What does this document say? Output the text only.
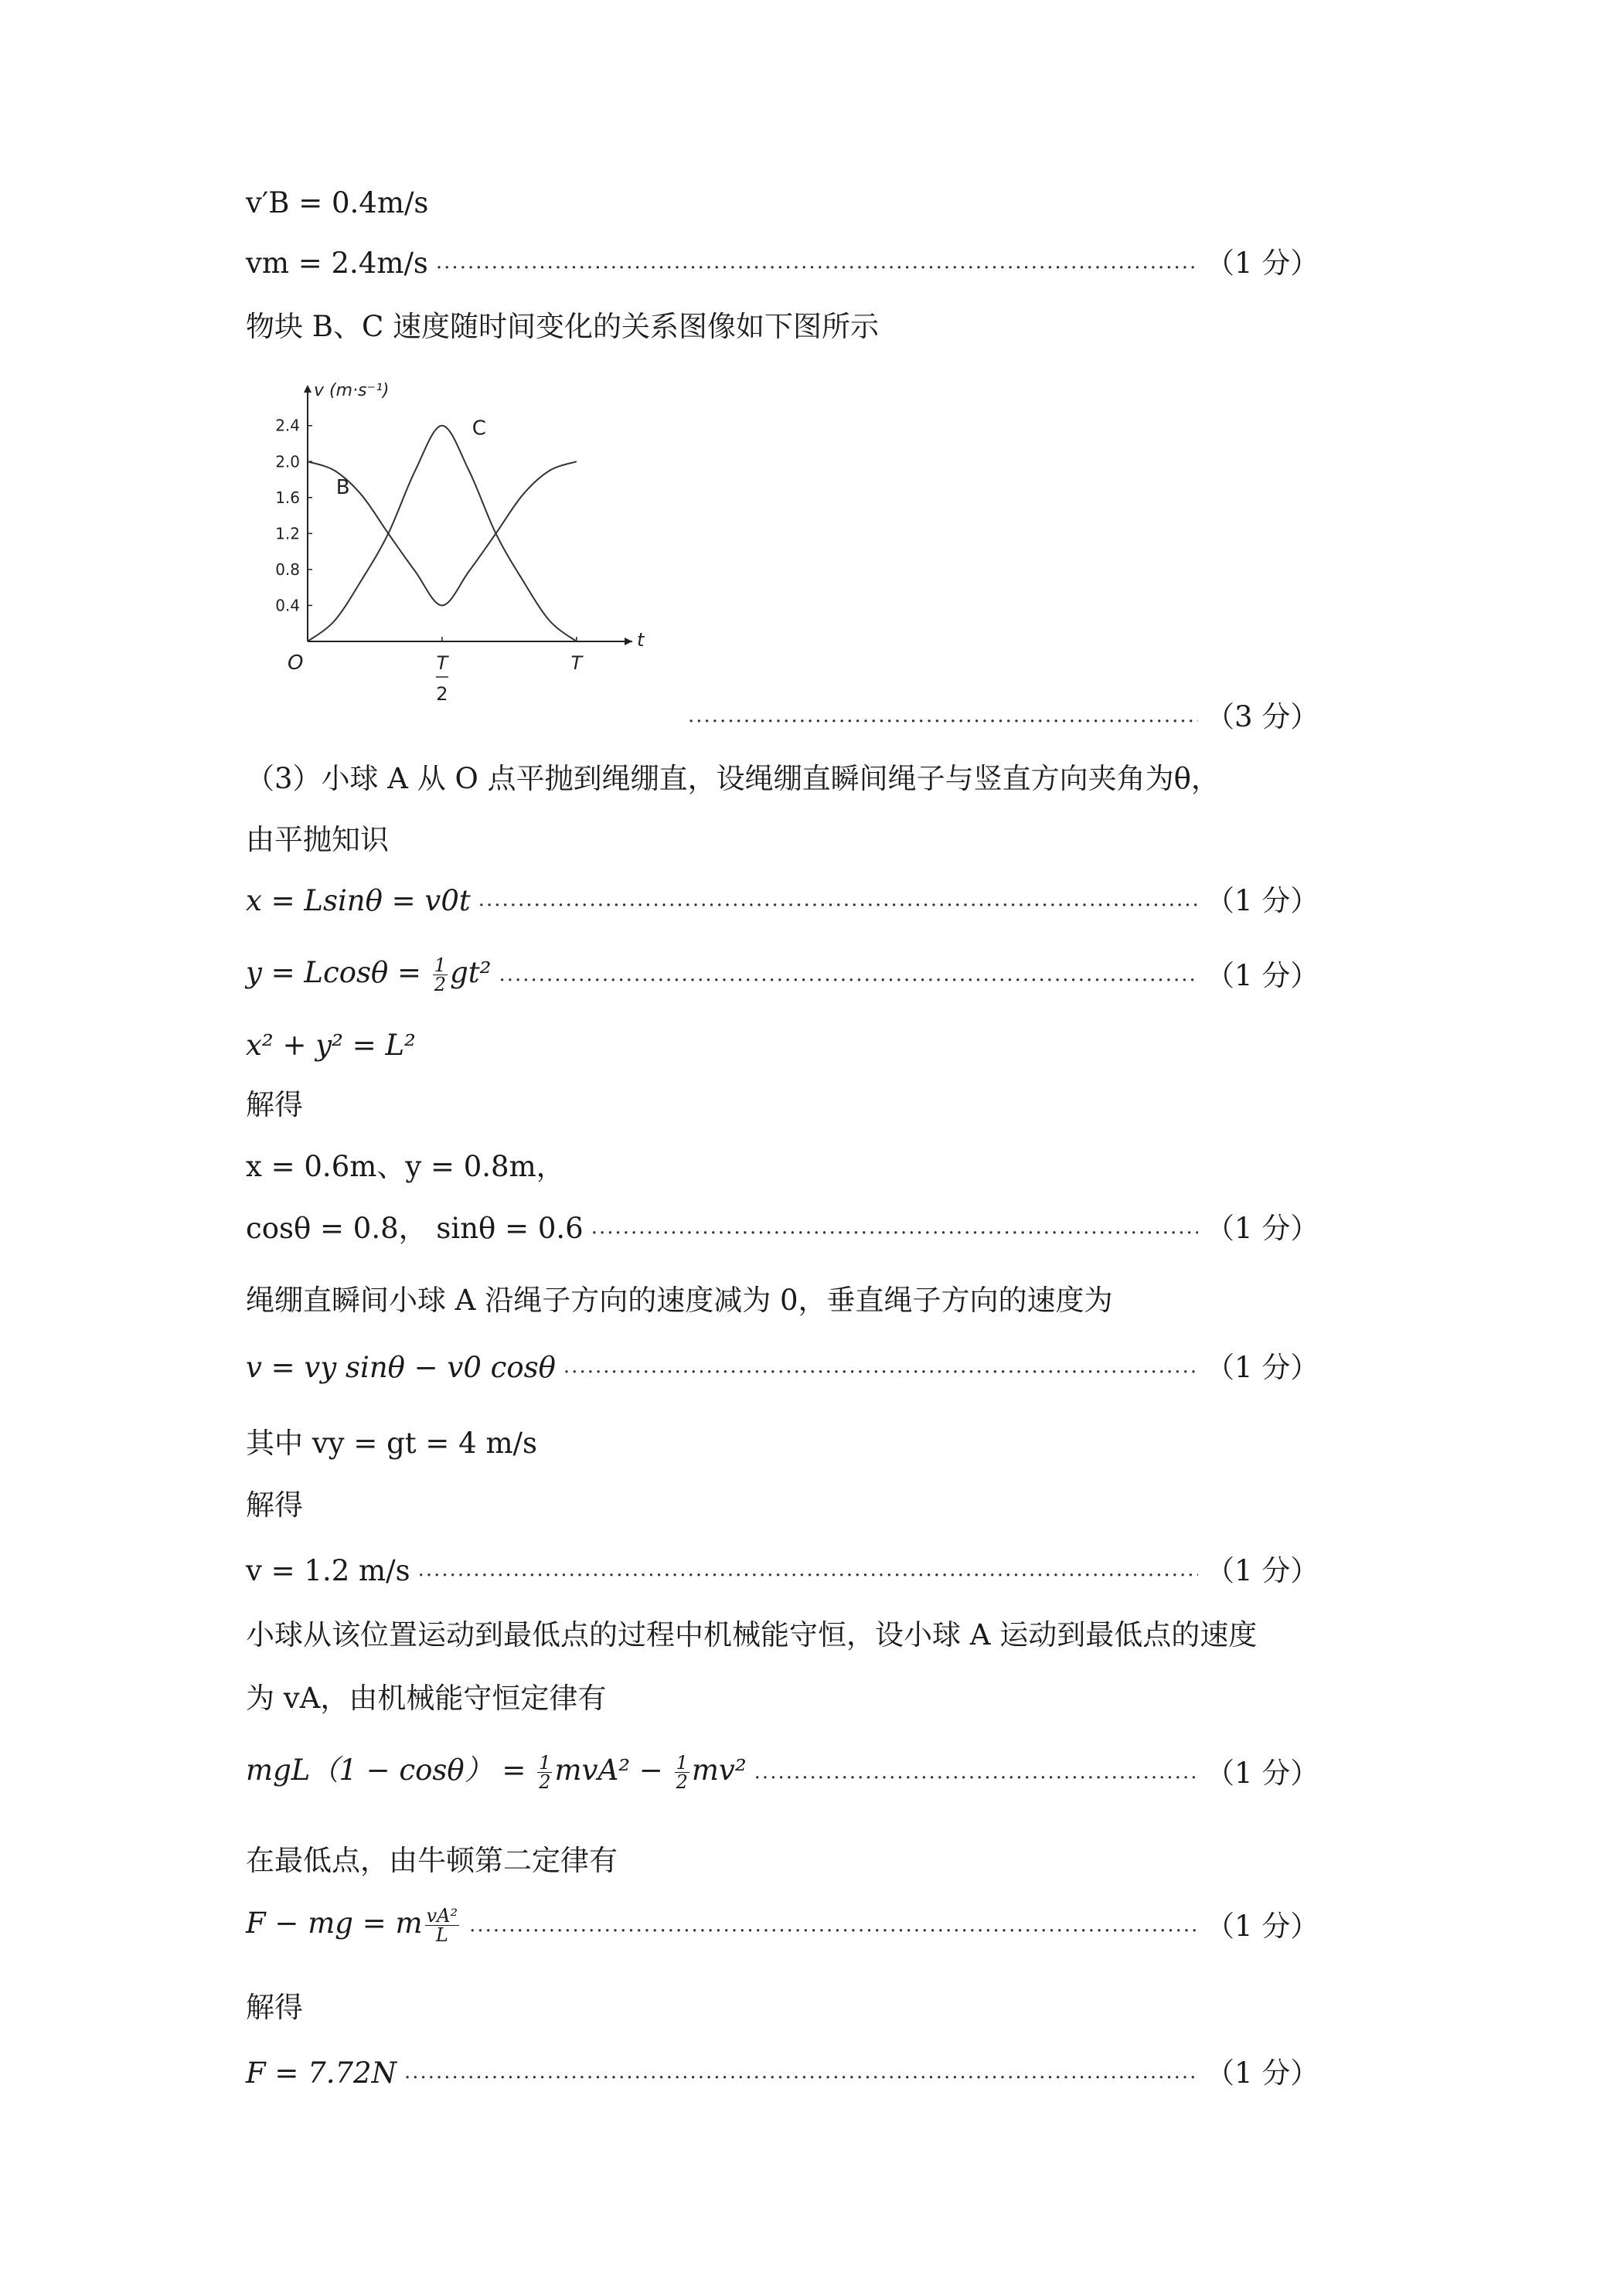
v′B = 0.4m/s
vm = 2.4m/s ·····	（1 分）
物块 B、C 速度随时间变化的关系图像如下图所示
v (m·s⁻¹)
t
O
0.4
0.8
1.2
1.6
2.0
2.4
T
2
T
B
C
·····
（3 分）
（3）小球 A 从 O 点平抛到绳绷直，设绳绷直瞬间绳子与竖直方向夹角为θ，
由平抛知识
x = Lsinθ = v0t ·····	（1 分）
$y = Lcos\theta = \frac{1}{2} gt^2$ ·····	（1 分）
x² + y² = L²
解得
x = 0.6m、y = 0.8m，
cosθ = 0.8， sinθ = 0.6 ·····	（1 分）
绳绷直瞬间小球 A 沿绳子方向的速度减为 0，垂直绳子方向的速度为
v = vy sinθ − v0 cosθ ·····	（1 分）
其中 vy = gt = 4 m/s
解得
v = 1.2 m/s ·····	（1 分）
小球从该位置运动到最低点的过程中机械能守恒，设小球 A 运动到最低点的速度
为 vA，由机械能守恒定律有
$mgL(1 - \cos\theta) = \frac{1}{2} mvA^2 - \frac{1}{2} mv^2$ ·····	（1 分）
在最低点，由牛顿第二定律有
F − mg = m $\frac{\text{vA²}}{L}$ ·····	（1 分）
解得
F = 7.72N ·····	（1 分）
